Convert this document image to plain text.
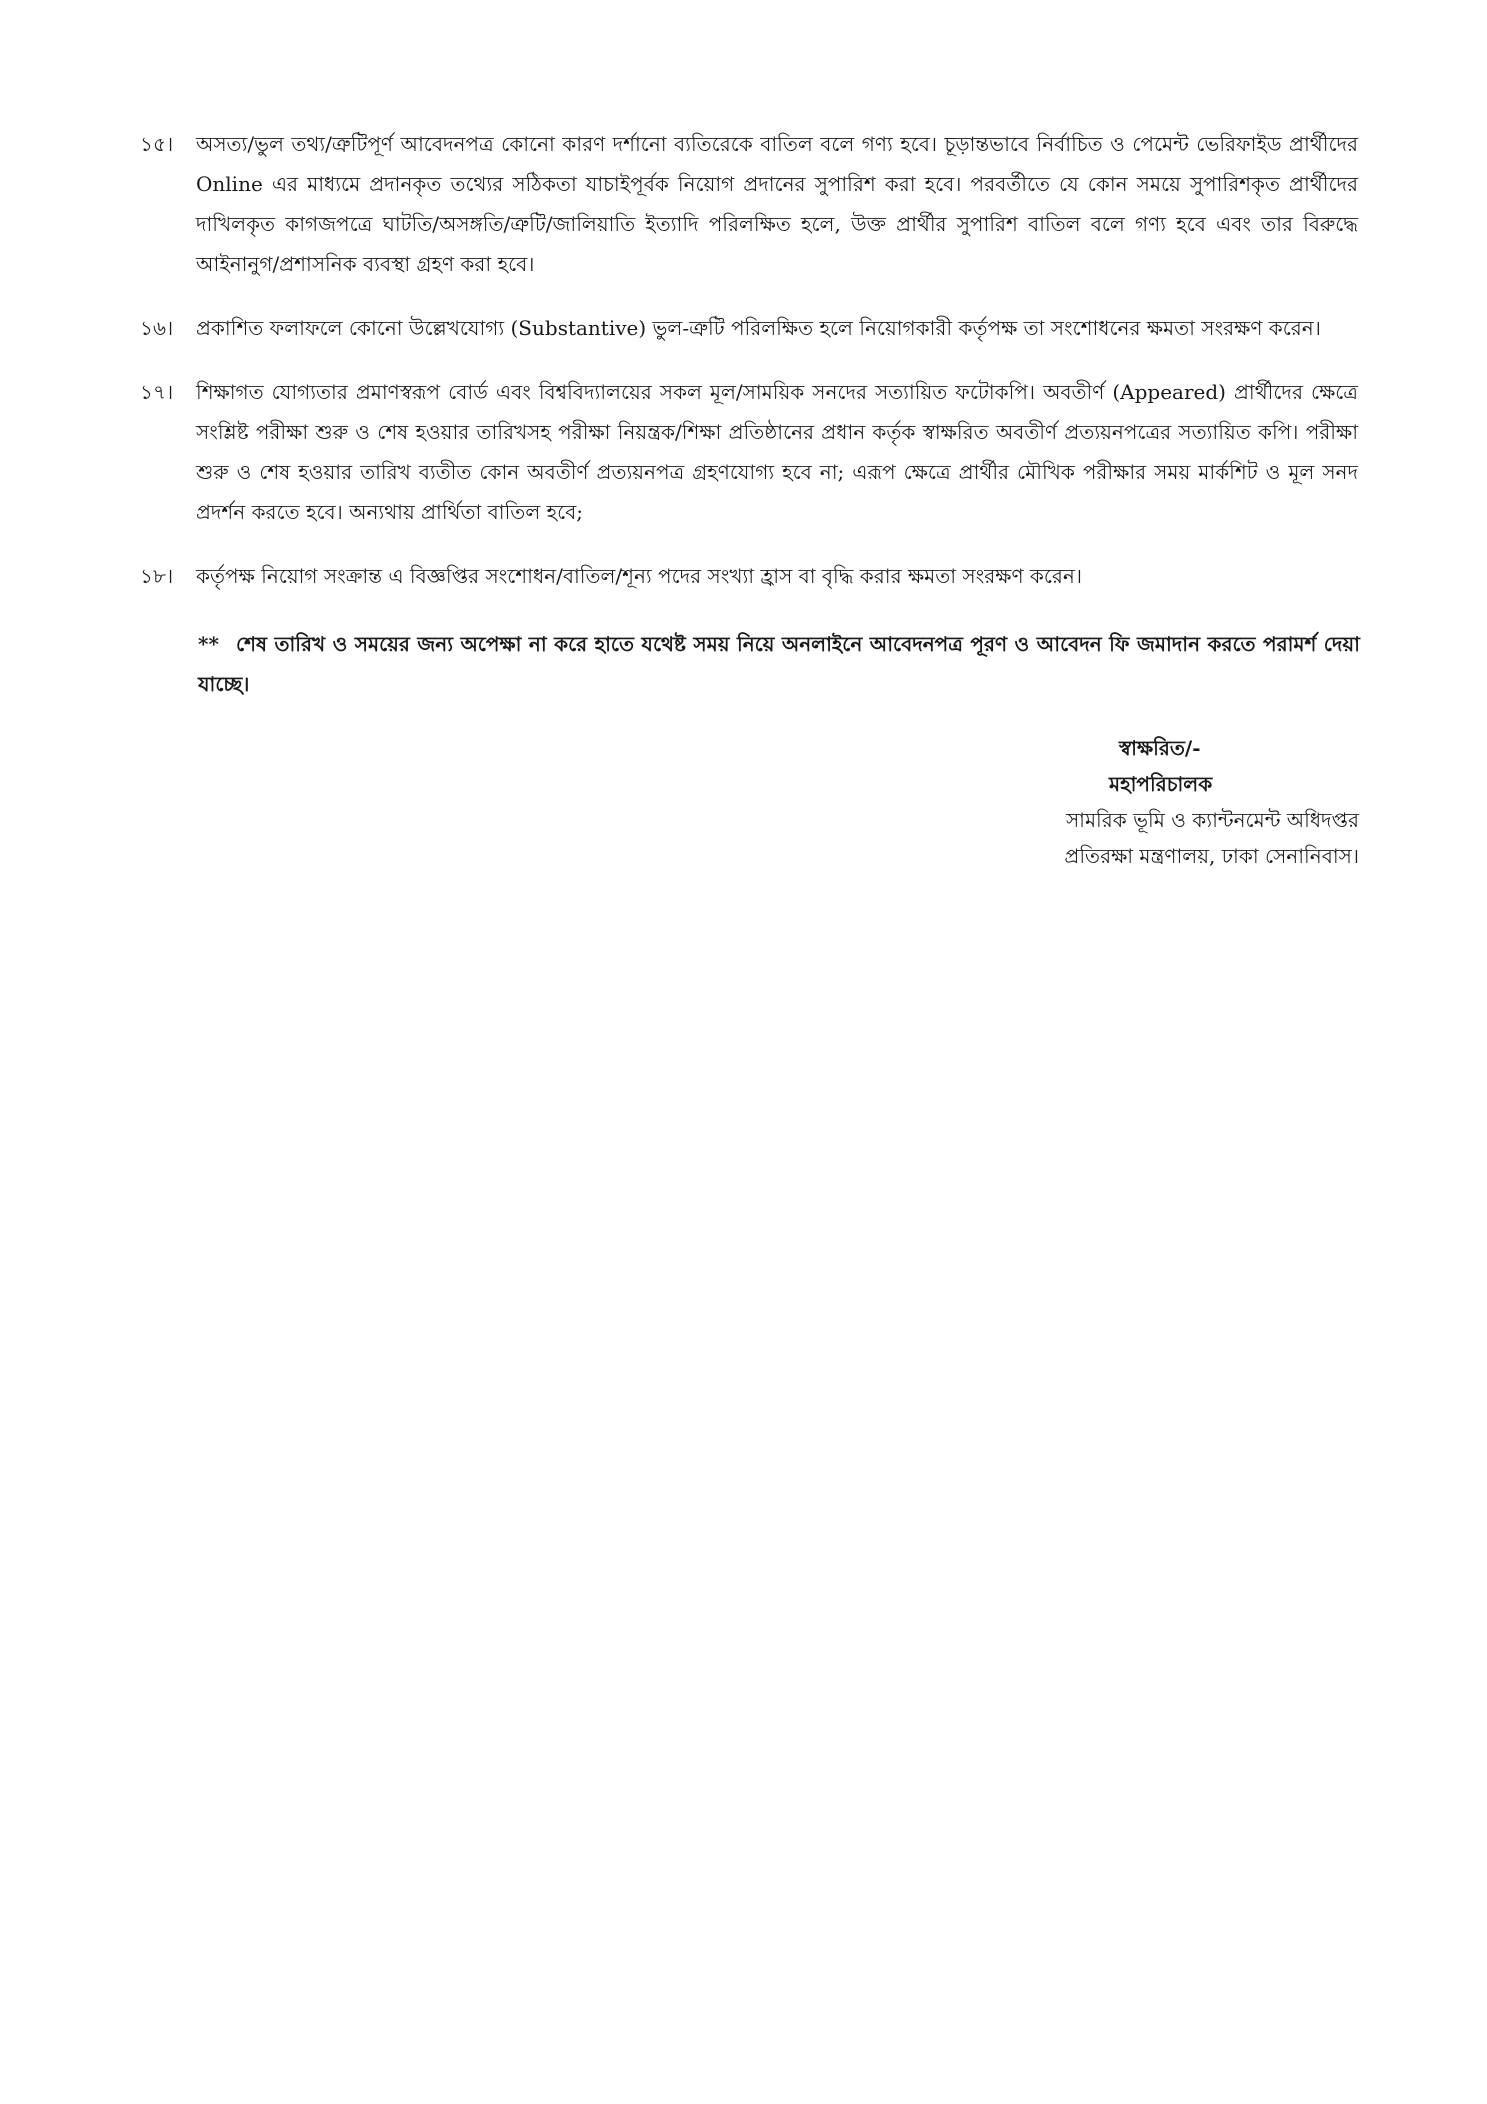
১৫।	অসত্য/ভুল তথ্য/ত্রুটিপূর্ণ আবেদনপত্র কোনো কারণ দর্শানো ব্যতিরেকে বাতিল বলে গণ্য হবে। চূড়ান্তভাবে নির্বাচিত ও পেমেন্ট ভেরিফাইড প্রার্থীদের Online এর মাধ্যমে প্রদানকৃত তথ্যের সঠিকতা যাচাইপূর্বক নিয়োগ প্রদানের সুপারিশ করা হবে। পরবর্তীতে যে কোন সময়ে সুপারিশকৃত প্রার্থীদের দাখিলকৃত কাগজপত্রে ঘাটতি/অসঙ্গতি/ত্রুটি/জালিয়াতি ইত্যাদি পরিলক্ষিত হলে, উক্ত প্রার্থীর সুপারিশ বাতিল বলে গণ্য হবে এবং তার বিরুদ্ধে আইনানুগ/প্রশাসনিক ব্যবস্থা গ্রহণ করা হবে।
১৬।	প্রকাশিত ফলাফলে কোনো উল্লেখযোগ্য (Substantive) ভুল-ত্রুটি পরিলক্ষিত হলে নিয়োগকারী কর্তৃপক্ষ তা সংশোধনের ক্ষমতা সংরক্ষণ করেন।
১৭।	শিক্ষাগত যোগ্যতার প্রমাণস্বরূপ বোর্ড এবং বিশ্ববিদ্যালয়ের সকল মূল/সাময়িক সনদের সত্যায়িত ফটোকপি। অবতীর্ণ (Appeared) প্রার্থীদের ক্ষেত্রে সংশ্লিষ্ট পরীক্ষা শুরু ও শেষ হওয়ার তারিখসহ পরীক্ষা নিয়ন্ত্রক/শিক্ষা প্রতিষ্ঠানের প্রধান কর্তৃক স্বাক্ষরিত অবতীর্ণ প্রত্যয়নপত্রের সত্যায়িত কপি। পরীক্ষা শুরু ও শেষ হওয়ার তারিখ ব্যতীত কোন অবতীর্ণ প্রত্যয়নপত্র গ্রহণযোগ্য হবে না; এরূপ ক্ষেত্রে প্রার্থীর মৌখিক পরীক্ষার সময় মার্কশিট ও মূল সনদ প্রদর্শন করতে হবে। অন্যথায় প্রার্থিতা বাতিল হবে;
১৮।	কর্তৃপক্ষ নিয়োগ সংক্রান্ত এ বিজ্ঞপ্তির সংশোধন/বাতিল/শূন্য পদের সংখ্যা হ্রাস বা বৃদ্ধি করার ক্ষমতা সংরক্ষণ করেন।
** শেষ তারিখ ও সময়ের জন্য অপেক্ষা না করে হাতে যথেষ্ট সময় নিয়ে অনলাইনে আবেদনপত্র পূরণ ও আবেদন ফি জমাদান করতে পরামর্শ দেয়া যাচ্ছে।
স্বাক্ষরিত/-
মহাপরিচালক
সামরিক ভূমি ও ক্যান্টনমেন্ট অধিদপ্তর
প্রতিরক্ষা মন্ত্রণালয়, ঢাকা সেনানিবাস।
